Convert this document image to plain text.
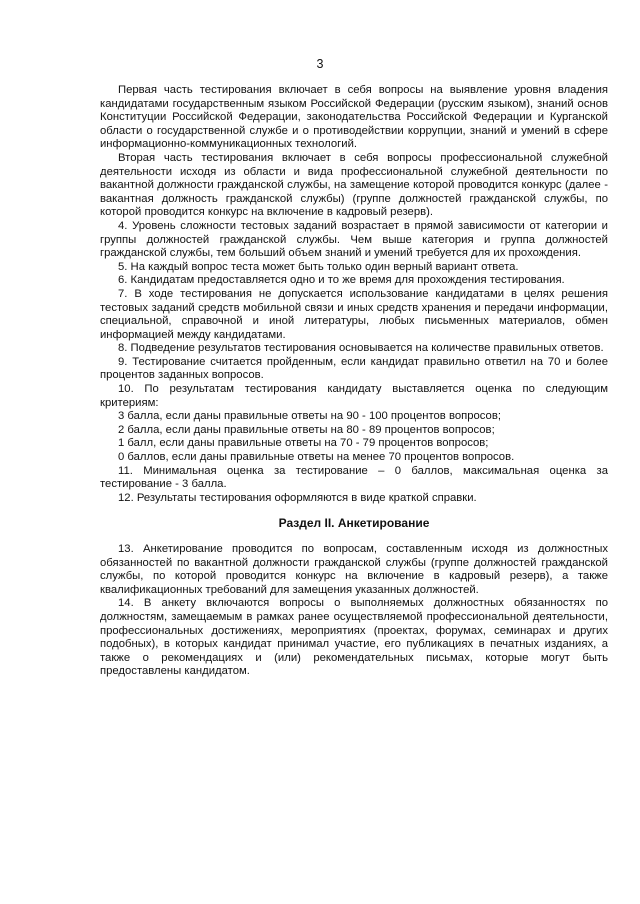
3

Первая часть тестирования включает в себя вопросы на выявление уровня владения кандидатами государственным языком Российской Федерации (русским языком), знаний основ Конституции Российской Федерации, законодательства Российской Федерации и Курганской области о государственной службе и о противодействии коррупции, знаний и умений в сфере информационно-коммуникационных технологий.

Вторая часть тестирования включает в себя вопросы профессиональной служебной деятельности исходя из области и вида профессиональной служебной деятельности по вакантной должности гражданской службы, на замещение которой проводится конкурс (далее - вакантная должность гражданской службы) (группе должностей гражданской службы, по которой проводится конкурс на включение в кадровый резерв).

4. Уровень сложности тестовых заданий возрастает в прямой зависимости от категории и группы должностей гражданской службы. Чем выше категория и группа должностей гражданской службы, тем больший объем знаний и умений требуется для их прохождения.

5. На каждый вопрос теста может быть только один верный вариант ответа.

6. Кандидатам предоставляется одно и то же время для прохождения тестирования.

7. В ходе тестирования не допускается использование кандидатами в целях решения тестовых заданий средств мобильной связи и иных средств хранения и передачи информации, специальной, справочной и иной литературы, любых письменных материалов, обмен информацией между кандидатами.

8. Подведение результатов тестирования основывается на количестве правильных ответов.

9. Тестирование считается пройденным, если кандидат правильно ответил на 70 и более процентов заданных вопросов.

10. По результатам тестирования кандидату выставляется оценка по следующим критериям:

3 балла, если даны правильные ответы на 90 - 100 процентов вопросов;

2 балла, если даны правильные ответы на 80 - 89 процентов вопросов;

1 балл, если даны правильные ответы на 70 - 79 процентов вопросов;

0 баллов, если даны правильные ответы на менее 70 процентов вопросов.

11. Минимальная оценка за тестирование – 0 баллов, максимальная оценка за тестирование - 3 балла.

12. Результаты тестирования оформляются в виде краткой справки.

Раздел II. Анкетирование

13. Анкетирование проводится по вопросам, составленным исходя из должностных обязанностей по вакантной должности гражданской службы (группе должностей гражданской службы, по которой проводится конкурс на включение в кадровый резерв), а также квалификационных требований для замещения указанных должностей.

14. В анкету включаются вопросы о выполняемых должностных обязанностях по должностям, замещаемым в рамках ранее осуществляемой профессиональной деятельности, профессиональных достижениях, мероприятиях (проектах, форумах, семинарах и других подобных), в которых кандидат принимал участие, его публикациях в печатных изданиях, а также о рекомендациях и (или) рекомендательных письмах, которые могут быть предоставлены кандидатом.
